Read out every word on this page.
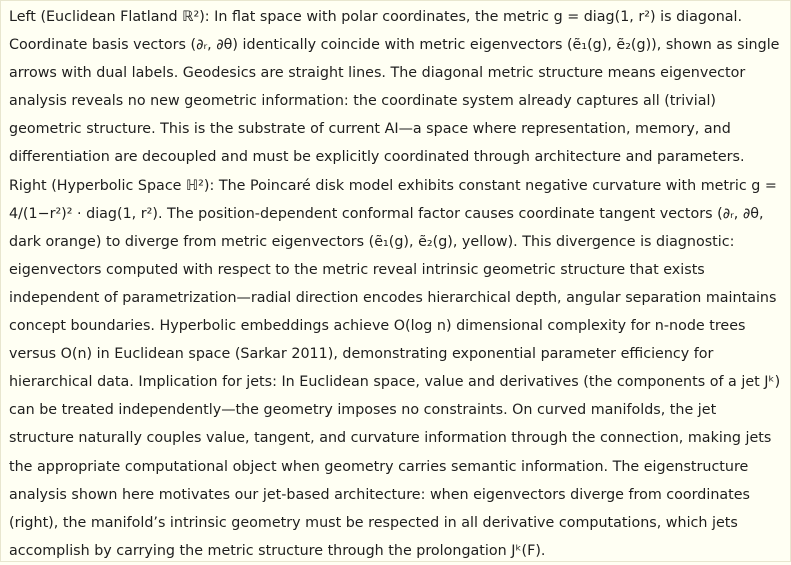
Left (Euclidean Flatland ℝ²): In flat space with polar coordinates, the metric g = diag(1, r²) is diagonal. Coordinate basis vectors (∂ᵣ, ∂θ) identically coincide with metric eigenvectors (ẽ₁(g), ẽ₂(g)), shown as single arrows with dual labels. Geodesics are straight lines. The diagonal metric structure means eigenvector analysis reveals no new geometric information: the coordinate system already captures all (trivial) geometric structure. This is the substrate of current AI—a space where representation, memory, and differentiation are decoupled and must be explicitly coordinated through architecture and parameters. Right (Hyperbolic Space ℍ²): The Poincaré disk model exhibits constant negative curvature with metric g = 4/(1−r²)² · diag(1, r²). The position-dependent conformal factor causes coordinate tangent vectors (∂ᵣ, ∂θ, dark orange) to diverge from metric eigenvectors (ẽ₁(g), ẽ₂(g), yellow). This divergence is diagnostic: eigenvectors computed with respect to the metric reveal intrinsic geometric structure that exists independent of parametrization—radial direction encodes hierarchical depth, angular separation maintains concept boundaries. Hyperbolic embeddings achieve O(log n) dimensional complexity for n-node trees versus O(n) in Euclidean space (Sarkar 2011), demonstrating exponential parameter efficiency for hierarchical data. Implication for jets: In Euclidean space, value and derivatives (the components of a jet Jᵏ) can be treated independently—the geometry imposes no constraints. On curved manifolds, the jet structure naturally couples value, tangent, and curvature information through the connection, making jets the appropriate computational object when geometry carries semantic information. The eigenstructure analysis shown here motivates our jet-based architecture: when eigenvectors diverge from coordinates (right), the manifold’s intrinsic geometry must be respected in all derivative computations, which jets accomplish by carrying the metric structure through the prolongation Jᵏ(F).
